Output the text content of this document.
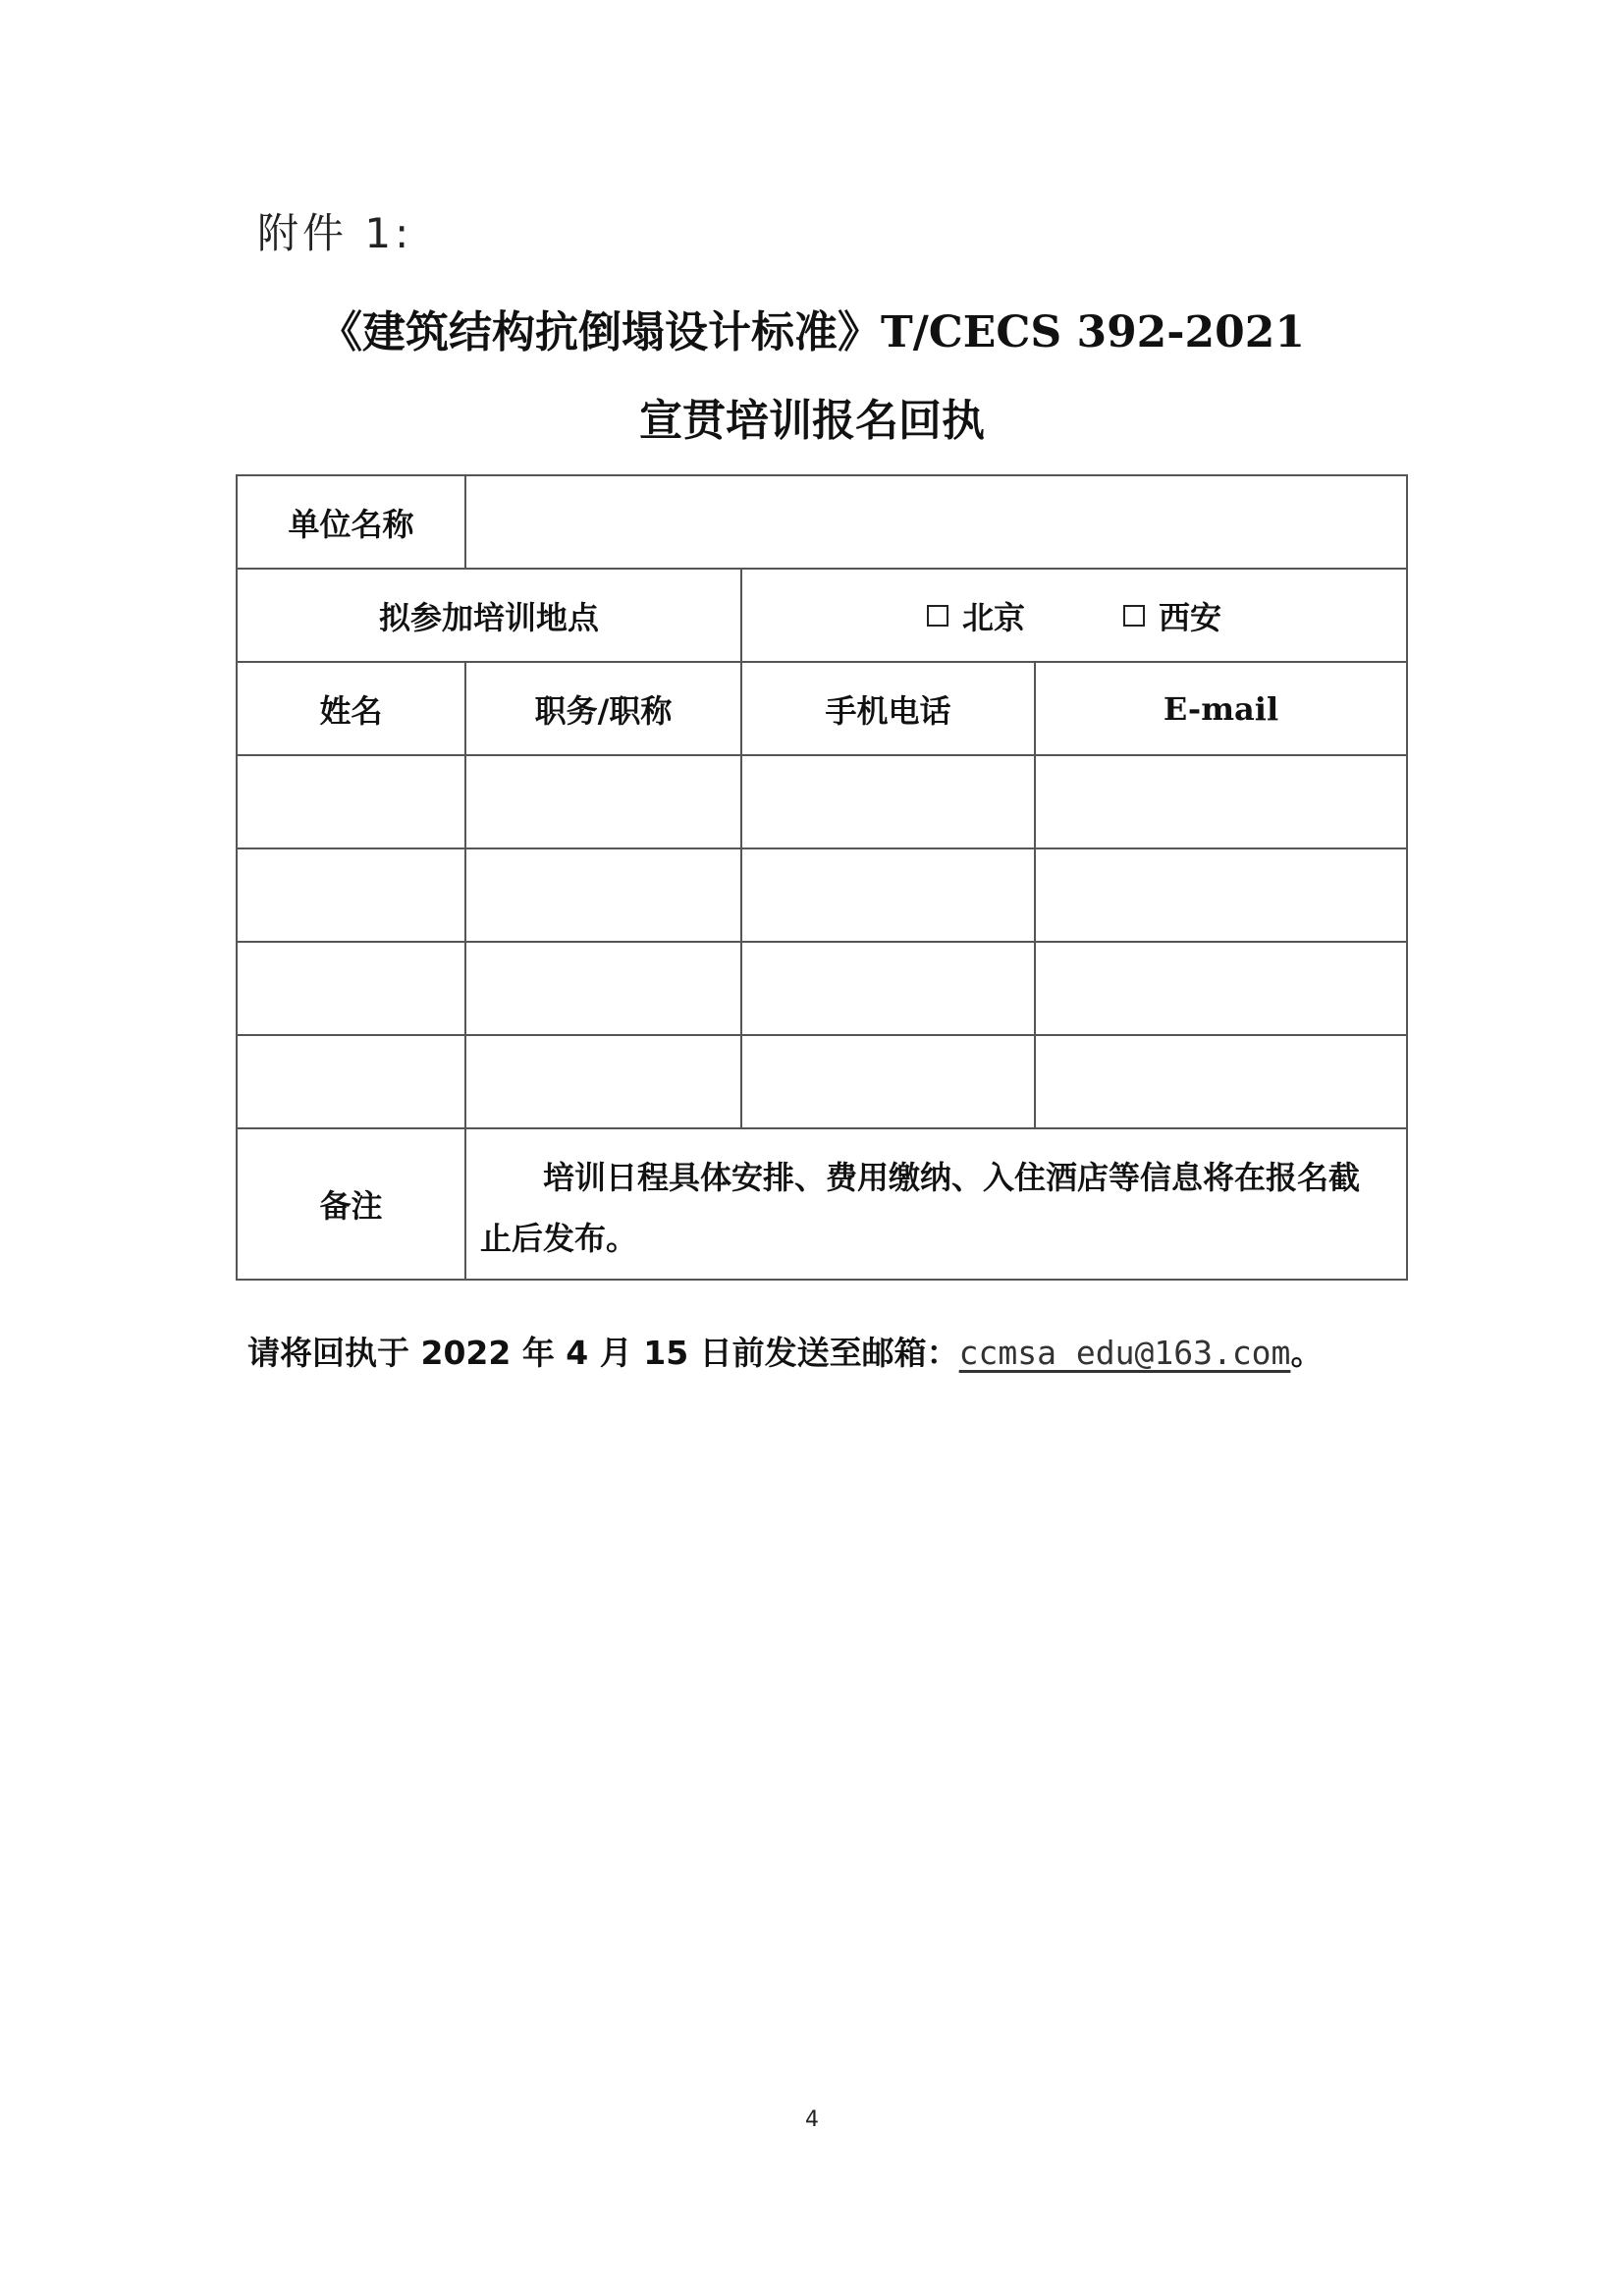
附件 1:
《建筑结构抗倒塌设计标准》T/CECS 392-2021
宣贯培训报名回执
单位名称			
拟参加培训地点		北京 西安	

姓名	职务/职称	手机电话	E-mail

备注	培训日程具体安排、费用缴纳、入住酒店等信息将在报名截止后发布。		
请将回执于 2022 年 4 月 15 日前发送至邮箱：ccmsa_edu@163.com。
4
